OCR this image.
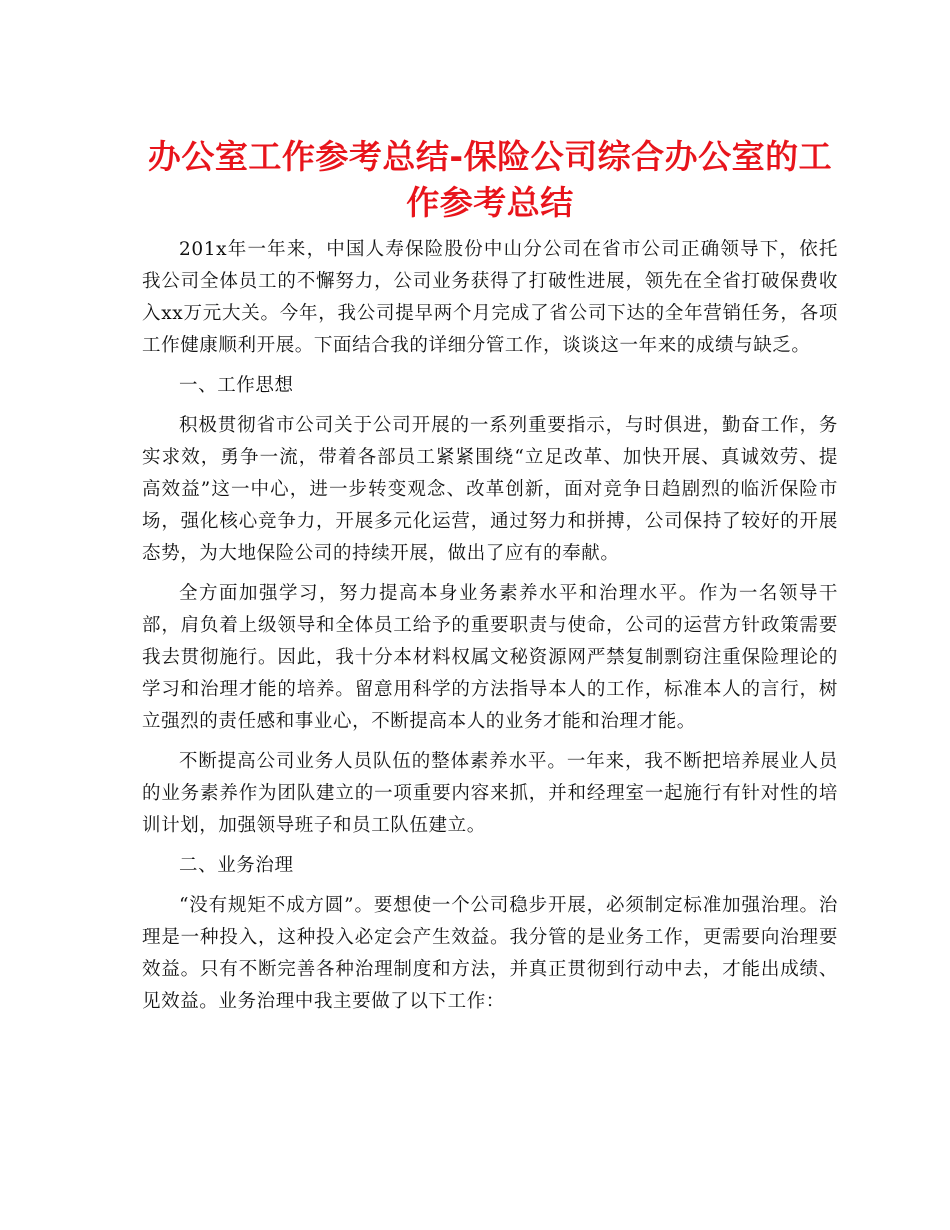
办公室工作参考总结-保险公司综合办公室的工作参考总结

201x年一年来，中国人寿保险股份中山分公司在省市公司正确领导下，依托我公司全体员工的不懈努力，公司业务获得了打破性进展，领先在全省打破保费收入xx万元大关。今年，我公司提早两个月完成了省公司下达的全年营销任务，各项工作健康顺利开展。下面结合我的详细分管工作，谈谈这一年来的成绩与缺乏。

一、工作思想

积极贯彻省市公司关于公司开展的一系列重要指示，与时俱进，勤奋工作，务实求效，勇争一流，带着各部员工紧紧围绕“立足改革、加快开展、真诚效劳、提高效益”这一中心，进一步转变观念、改革创新，面对竞争日趋剧烈的临沂保险市场，强化核心竞争力，开展多元化运营，通过努力和拼搏，公司保持了较好的开展态势，为大地保险公司的持续开展，做出了应有的奉献。

全方面加强学习，努力提高本身业务素养水平和治理水平。作为一名领导干部，肩负着上级领导和全体员工给予的重要职责与使命，公司的运营方针政策需要我去贯彻施行。因此，我十分本材料权属文秘资源网严禁复制剽窃注重保险理论的学习和治理才能的培养。留意用科学的方法指导本人的工作，标准本人的言行，树立强烈的责任感和事业心，不断提高本人的业务才能和治理才能。

不断提高公司业务人员队伍的整体素养水平。一年来，我不断把培养展业人员的业务素养作为团队建立的一项重要内容来抓，并和经理室一起施行有针对性的培训计划，加强领导班子和员工队伍建立。

二、业务治理

“没有规矩不成方圆”。要想使一个公司稳步开展，必须制定标准加强治理。治理是一种投入，这种投入必定会产生效益。我分管的是业务工作，更需要向治理要效益。只有不断完善各种治理制度和方法，并真正贯彻到行动中去，才能出成绩、见效益。业务治理中我主要做了以下工作：
